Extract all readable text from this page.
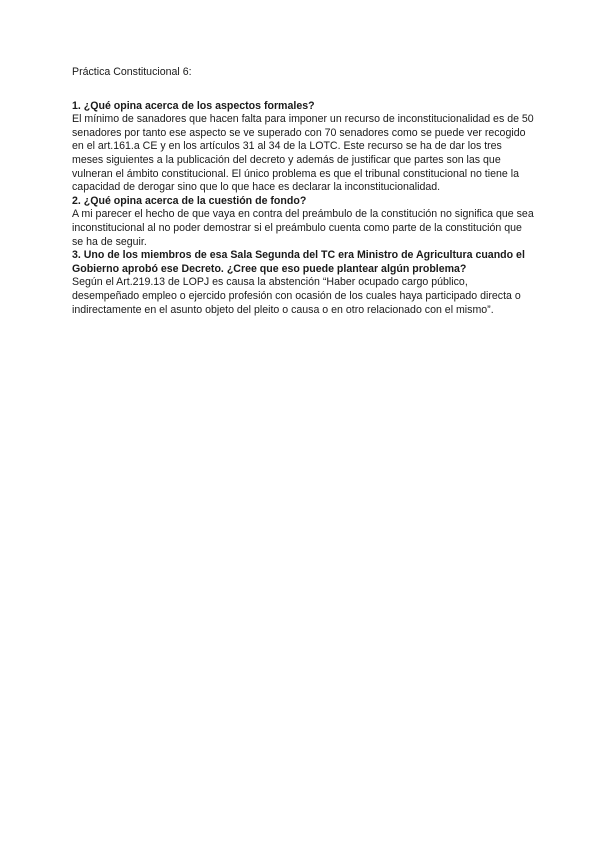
Práctica Constitucional 6:

1. ¿Qué opina acerca de los aspectos formales?

El mínimo de sanadores que hacen falta para imponer un recurso de inconstitucionalidad es de 50 senadores por tanto ese aspecto se ve superado con 70 senadores como se puede ver recogido en el art.161.a CE y en los artículos 31 al 34 de la LOTC. Este recurso se ha de dar los tres meses siguientes a la publicación del decreto y además de justificar que partes son las que vulneran el ámbito constitucional. El único problema es que el tribunal constitucional no tiene la capacidad de derogar sino que lo que hace es declarar la inconstitucionalidad.

2. ¿Qué opina acerca de la cuestión de fondo?

A mi parecer el hecho de que vaya en contra del preámbulo de la constitución no significa que sea inconstitucional al no poder demostrar si el preámbulo cuenta como parte de la constitución que se ha de seguir.

3. Uno de los miembros de esa Sala Segunda del TC era Ministro de Agricultura cuando el Gobierno aprobó ese Decreto. ¿Cree que eso puede plantear algún problema?

Según el Art.219.13 de LOPJ es causa la abstención “Haber ocupado cargo público, desempeñado empleo o ejercido profesión con ocasión de los cuales haya participado directa o indirectamente en el asunto objeto del pleito o causa o en otro relacionado con el mismo”.
